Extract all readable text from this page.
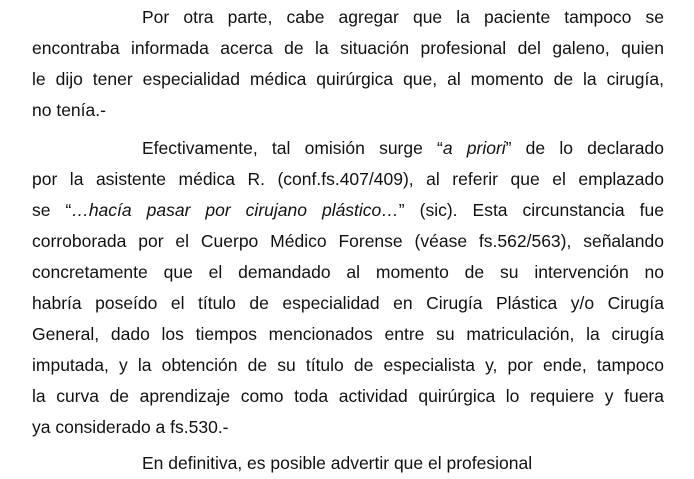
Por otra parte, cabe agregar que la paciente tampoco se
encontraba informada acerca de la situación profesional del galeno, quien
le dijo tener especialidad médica quirúrgica que, al momento de la cirugía,
no tenía.-
Efectivamente, tal omisión surge “a priori” de lo declarado
por la asistente médica R. (conf.fs.407/409), al referir que el emplazado
se “…hacía pasar por cirujano plástico…” (sic). Esta circunstancia fue
corroborada por el Cuerpo Médico Forense (véase fs.562/563), señalando
concretamente que el demandado al momento de su intervención no
habría poseído el título de especialidad en Cirugía Plástica y/o Cirugía
General, dado los tiempos mencionados entre su matriculación, la cirugía
imputada, y la obtención de su título de especialista y, por ende, tampoco
la curva de aprendizaje como toda actividad quirúrgica lo requiere y fuera
ya considerado a fs.530.-
En definitiva, es posible advertir que el profesional
